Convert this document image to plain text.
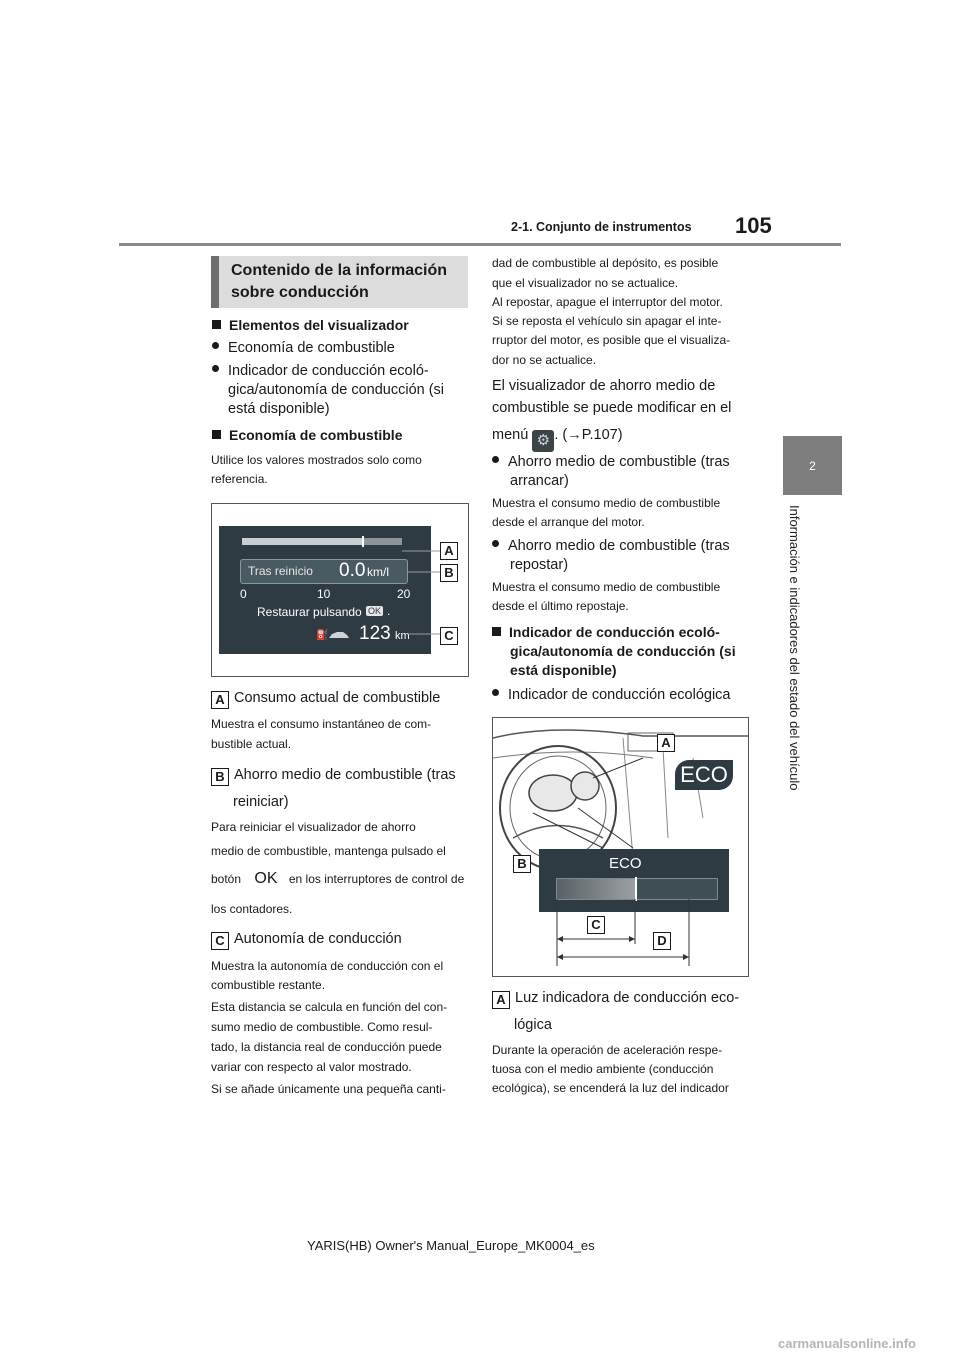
2-1. Conjunto de instrumentos 105
2
Información e indicadores del estado del vehículo
Contenido de la información
sobre conducción
Elementos del visualizador
Economía de combustible
Indicador de conducción ecoló-
gica/autonomía de conducción (si
está disponible)
Economía de combustible
Utilice los valores mostrados solo como
referencia.
Tras reinicio 0.0 km/l
0	10	20
Restaurar pulsando OK .
⛽ 123 km
A
B
C
A Consumo actual de combustible
Muestra el consumo instantáneo de com-
bustible actual.
B Ahorro medio de combustible (tras
reiniciar)
Para reiniciar el visualizador de ahorro
medio de combustible, mantenga pulsado el
botón OK en los interruptores de control de
los contadores.
C Autonomía de conducción
Muestra la autonomía de conducción con el
combustible restante.
Esta distancia se calcula en función del con-
sumo medio de combustible. Como resul-
tado, la distancia real de conducción puede
variar con respecto al valor mostrado.
Si se añade únicamente una pequeña canti-
dad de combustible al depósito, es posible
que el visualizador no se actualice.
Al repostar, apague el interruptor del motor.
Si se reposta el vehículo sin apagar el inte-
rruptor del motor, es posible que el visualiza-
dor no se actualice.
El visualizador de ahorro medio de
combustible se puede modificar en el
menú ⚙ . (→P.107)
Ahorro medio de combustible (tras
arrancar)
Muestra el consumo medio de combustible
desde el arranque del motor.
Ahorro medio de combustible (tras
repostar)
Muestra el consumo medio de combustible
desde el último repostaje.
Indicador de conducción ecoló-
gica/autonomía de conducción (si
está disponible)
Indicador de conducción ecológica
A
ECO
ECO
B
C
D
A Luz indicadora de conducción eco-
lógica
Durante la operación de aceleración respe-
tuosa con el medio ambiente (conducción
ecológica), se encenderá la luz del indicador
YARIS(HB) Owner's Manual_Europe_MK0004_es
carmanualsonline.info
